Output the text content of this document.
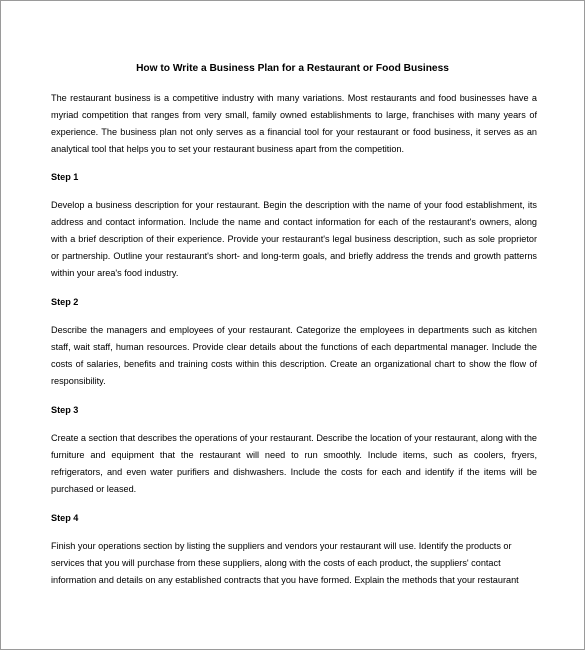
How to Write a Business Plan for a Restaurant or Food Business

The restaurant business is a competitive industry with many variations. Most restaurants and food businesses have a myriad competition that ranges from very small, family owned establishments to large, franchises with many years of experience. The business plan not only serves as a financial tool for your restaurant or food business, it serves as an analytical tool that helps you to set your restaurant business apart from the competition.

Step 1

Develop a business description for your restaurant. Begin the description with the name of your food establishment, its address and contact information. Include the name and contact information for each of the restaurant's owners, along with a brief description of their experience. Provide your restaurant's legal business description, such as sole proprietor or partnership. Outline your restaurant's short- and long-term goals, and briefly address the trends and growth patterns within your area's food industry.

Step 2

Describe the managers and employees of your restaurant. Categorize the employees in departments such as kitchen staff, wait staff, human resources. Provide clear details about the functions of each departmental manager. Include the costs of salaries, benefits and training costs within this description. Create an organizational chart to show the flow of responsibility.

Step 3

Create a section that describes the operations of your restaurant. Describe the location of your restaurant, along with the furniture and equipment that the restaurant will need to run smoothly. Include items, such as coolers, fryers, refrigerators, and even water purifiers and dishwashers. Include the costs for each and identify if the items will be purchased or leased.

Step 4

Finish your operations section by listing the suppliers and vendors your restaurant will use. Identify the products or services that you will purchase from these suppliers, along with the costs of each product, the suppliers' contact information and details on any established contracts that you have formed. Explain the methods that your restaurant
